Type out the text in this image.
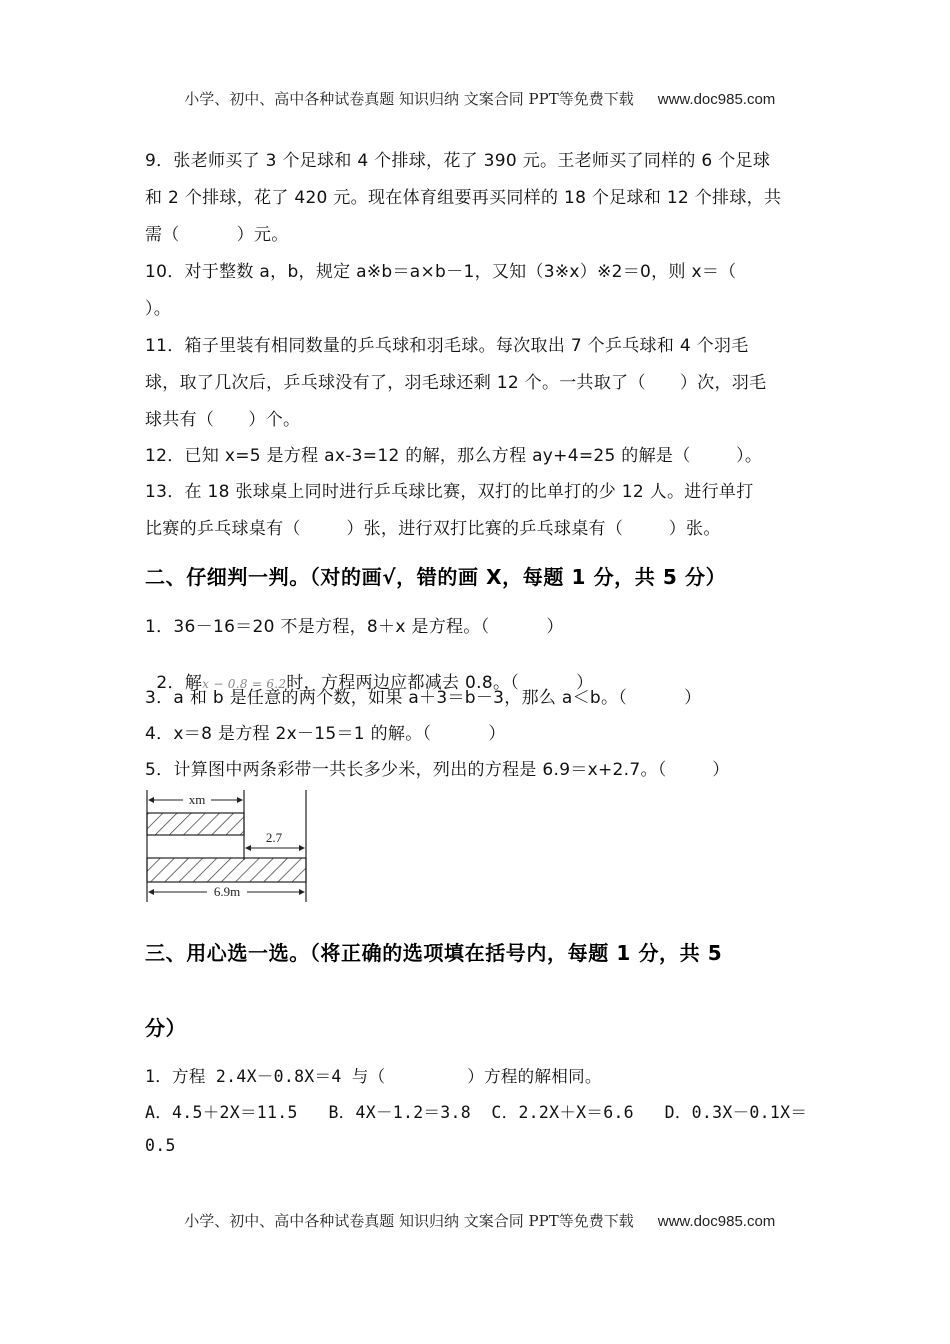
小学、初中、高中各种试卷真题 知识归纳 文案合同 PPT等免费下载 www.doc985.com

9．张老师买了 3 个足球和 4 个排球，花了 390 元。王老师买了同样的 6 个足球
和 2 个排球，花了 420 元。现在体育组要再买同样的 18 个足球和 12 个排球，共
需（          ）元。
10．对于整数 a，b，规定 a※b＝a×b－1，又知（3※x）※2＝0，则 x＝（
）。
11．箱子里装有相同数量的乒乓球和羽毛球。每次取出 7 个乒乓球和 4 个羽毛
球，取了几次后，乒乓球没有了，羽毛球还剩 12 个。一共取了（      ）次，羽毛
球共有（      ）个。
12．已知 x=5 是方程 ax-3=12 的解，那么方程 ay+4=25 的解是（        ）。
13．在 18 张球桌上同时进行乒乓球比赛，双打的比单打的少 12 人。进行单打
比赛的乒乓球桌有（        ）张，进行双打比赛的乒乓球桌有（        ）张。
二、仔细判一判。（对的画√，错的画 X，每题 1 分，共 5 分）
1．36－16＝20 不是方程，8＋x 是方程。（          ）

2．解x − 0.8 = 6.2时，方程两边应都减去 0.8。（          ）

3．a 和 b 是任意的两个数，如果 a＋3＝b－3，那么 a＜b。（          ）
4．x＝8 是方程 2x－15＝1 的解。（          ）
5．计算图中两条彩带一共长多少米，列出的方程是 6.9＝x+2.7。（        ）
xm
2.7
6.9m
三、用心选一选。（将正确的选项填在括号内，每题 1 分，共 5
分）
1．方程 2.4X－0.8X＝4 与（        ）方程的解相同。
A．4.5＋2X＝11.5   B．4X－1.2＝3.8  C．2.2X＋X＝6.6   D．0.3X－0.1X＝
0.5

小学、初中、高中各种试卷真题 知识归纳 文案合同 PPT等免费下载 www.doc985.com
